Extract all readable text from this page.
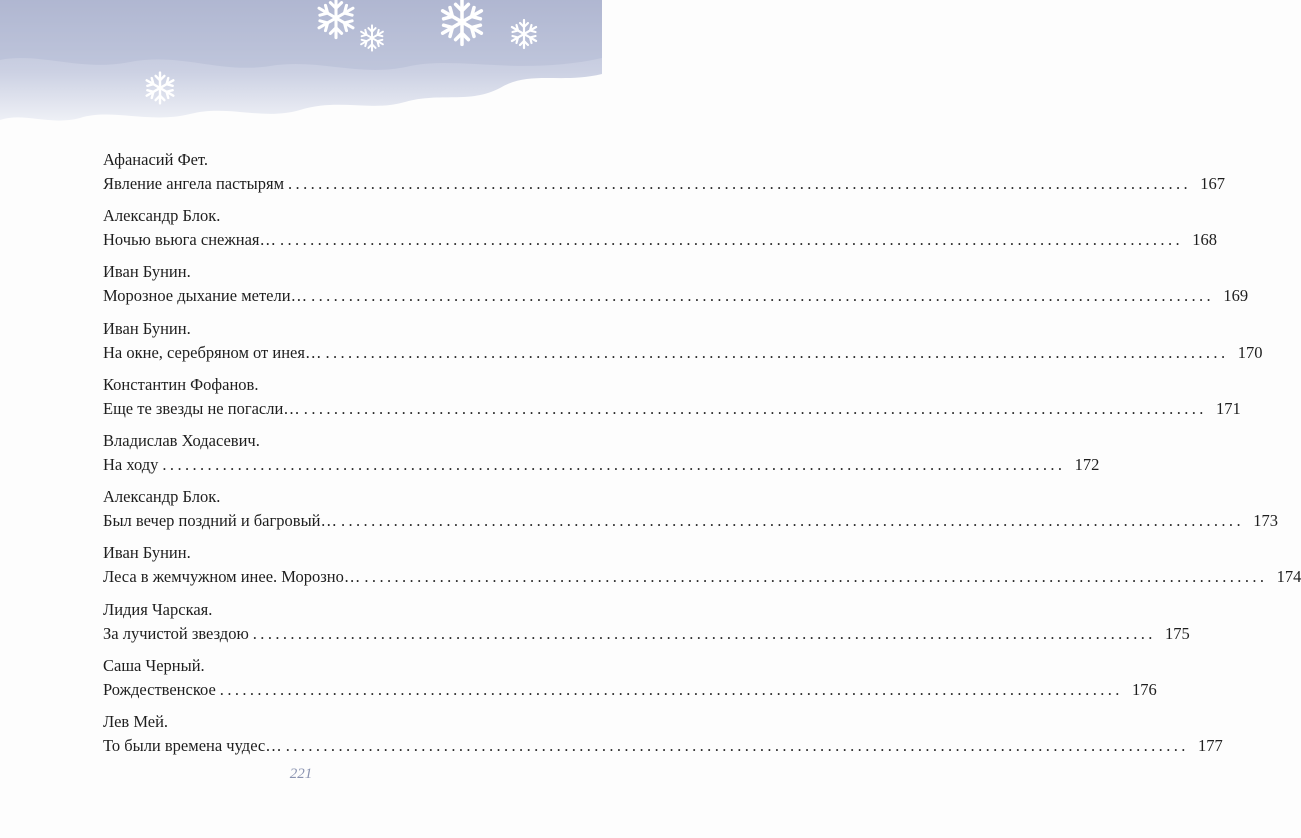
Афанасий Фет.
Явление ангела пастырям ........................................................................................................................ 167
Александр Блок.
Ночью вьюга снежная… ........................................................................................................................ 168
Иван Бунин.
Морозное дыхание метели… ........................................................................................................................ 169
Иван Бунин.
На окне, серебряном от инея… ........................................................................................................................ 170
Константин Фофанов.
Еще те звезды не погасли… ........................................................................................................................ 171
Владислав Ходасевич.
На ходу ........................................................................................................................ 172
Александр Блок.
Был вечер поздний и багровый… ........................................................................................................................ 173
Иван Бунин.
Леса в жемчужном инее. Морозно… ........................................................................................................................ 174
Лидия Чарская.
За лучистой звездою ........................................................................................................................ 175
Саша Черный.
Рождественское ........................................................................................................................ 176
Лев Мей.
То были времена чудес… ........................................................................................................................ 177
221
